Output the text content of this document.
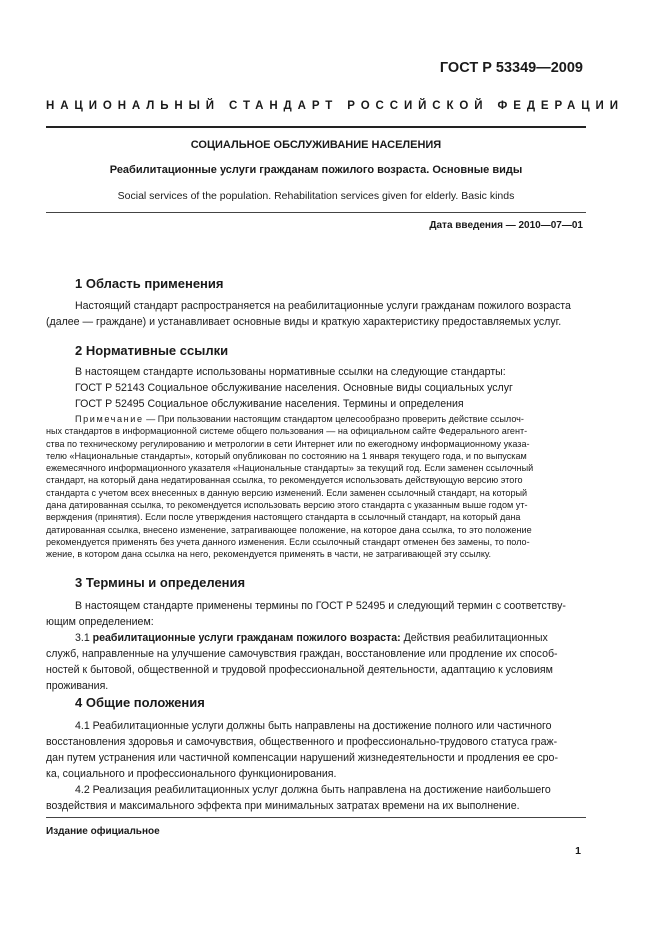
ГОСТ Р 53349—2009
НАЦИОНАЛЬНЫЙ СТАНДАРТ РОССИЙСКОЙ ФЕДЕРАЦИИ
СОЦИАЛЬНОЕ ОБСЛУЖИВАНИЕ НАСЕЛЕНИЯ
Реабилитационные услуги гражданам пожилого возраста. Основные виды
Social services of the population. Rehabilitation services given for elderly. Basic kinds
Дата введения — 2010—07—01
1 Область применения
Настоящий стандарт распространяется на реабилитационные услуги гражданам пожилого возраста
(далее — граждане) и устанавливает основные виды и краткую характеристику предоставляемых услуг.
2 Нормативные ссылки
В настоящем стандарте использованы нормативные ссылки на следующие стандарты:
ГОСТ Р 52143 Социальное обслуживание населения. Основные виды социальных услуг
ГОСТ Р 52495 Социальное обслуживание населения. Термины и определения
Примечание — При пользовании настоящим стандартом целесообразно проверить действие ссылоч-
ных стандартов в информационной системе общего пользования — на официальном сайте Федерального агент-
ства по техническому регулированию и метрологии в сети Интернет или по ежегодному информационному указа-
телю «Национальные стандарты», который опубликован по состоянию на 1 января текущего года, и по выпускам
ежемесячного информационного указателя «Национальные стандарты» за текущий год. Если заменен ссылочный
стандарт, на который дана недатированная ссылка, то рекомендуется использовать действующую версию этого
стандарта с учетом всех внесенных в данную версию изменений. Если заменен ссылочный стандарт, на который
дана датированная ссылка, то рекомендуется использовать версию этого стандарта с указанным выше годом ут-
верждения (принятия). Если после утверждения настоящего стандарта в ссылочный стандарт, на который дана
датированная ссылка, внесено изменение, затрагивающее положение, на которое дана ссылка, то это положение
рекомендуется применять без учета данного изменения. Если ссылочный стандарт отменен без замены, то поло-
жение, в котором дана ссылка на него, рекомендуется применять в части, не затрагивающей эту ссылку.
3 Термины и определения
В настоящем стандарте применены термины по ГОСТ Р 52495 и следующий термин с соответству-
ющим определением:
3.1 реабилитационные услуги гражданам пожилого возраста: Действия реабилитационных
служб, направленные на улучшение самочувствия граждан, восстановление или продление их способ-
ностей к бытовой, общественной и трудовой профессиональной деятельности, адаптацию к условиям
проживания.
4 Общие положения
4.1 Реабилитационные услуги должны быть направлены на достижение полного или частичного
восстановления здоровья и самочувствия, общественного и профессионально-трудового статуса граж-
дан путем устранения или частичной компенсации нарушений жизнедеятельности и продления ее сро-
ка, социального и профессионального функционирования.
4.2 Реализация реабилитационных услуг должна быть направлена на достижение наибольшего
воздействия и максимального эффекта при минимальных затратах времени на их выполнение.
Издание официальное
1
